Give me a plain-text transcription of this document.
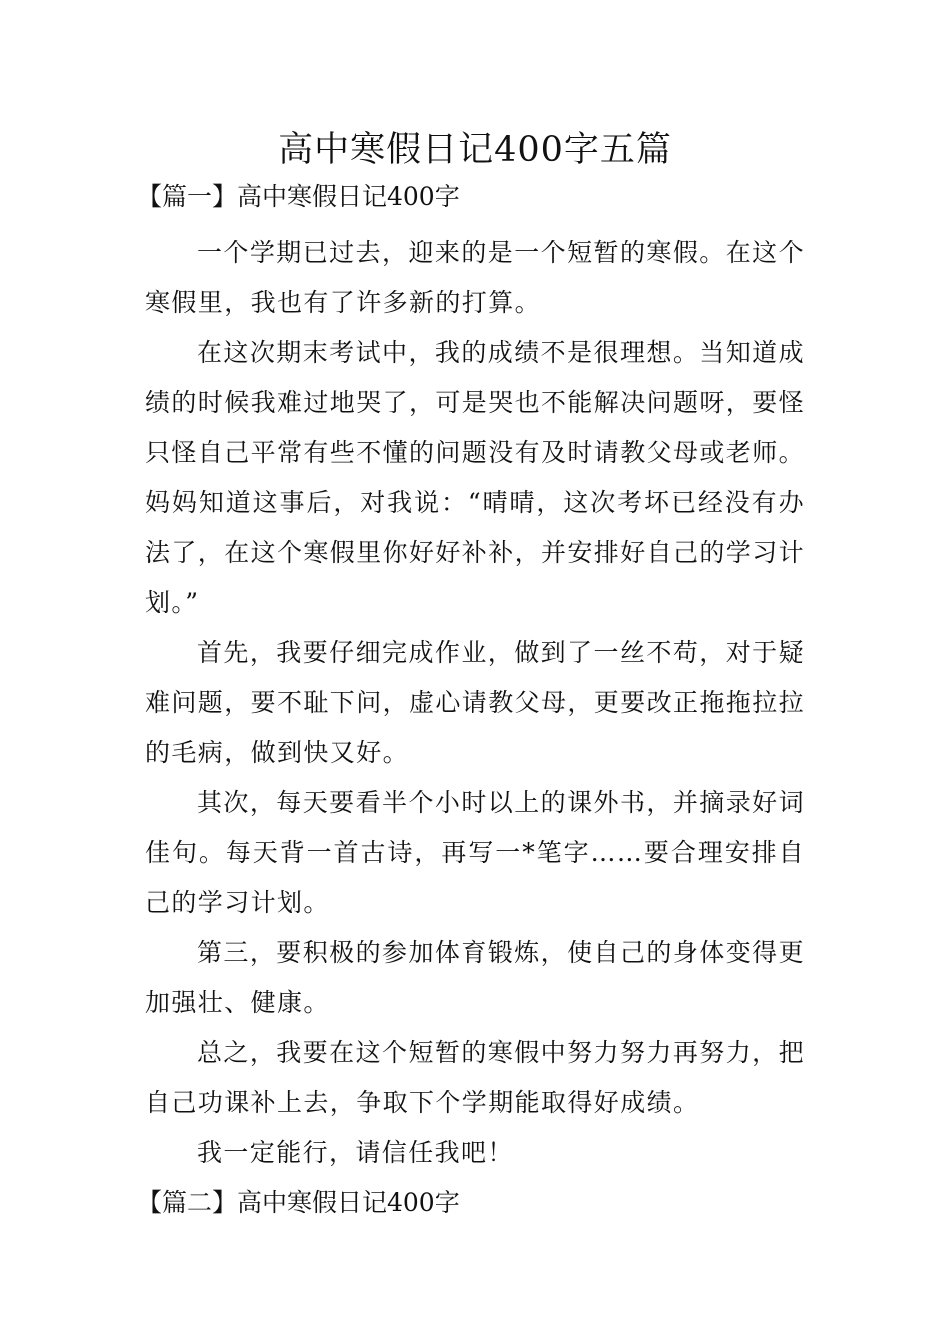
高中寒假日记400字五篇
【篇一】高中寒假日记400字

一个学期已过去，迎来的是一个短暂的寒假。在这个寒假里，我也有了许多新的打算。

在这次期末考试中，我的成绩不是很理想。当知道成绩的时候我难过地哭了，可是哭也不能解决问题呀，要怪只怪自己平常有些不懂的问题没有及时请教父母或老师。妈妈知道这事后，对我说：“晴晴，这次考坏已经没有办法了，在这个寒假里你好好补补，并安排好自己的学习计划。”

首先，我要仔细完成作业，做到了一丝不苟，对于疑难问题，要不耻下问，虚心请教父母，更要改正拖拖拉拉的毛病，做到快又好。

其次，每天要看半个小时以上的课外书，并摘录好词佳句。每天背一首古诗，再写一*笔字……要合理安排自己的学习计划。

第三，要积极的参加体育锻炼，使自己的身体变得更加强壮、健康。

总之，我要在这个短暂的寒假中努力努力再努力，把自己功课补上去，争取下个学期能取得好成绩。

我一定能行，请信任我吧！

【篇二】高中寒假日记400字
